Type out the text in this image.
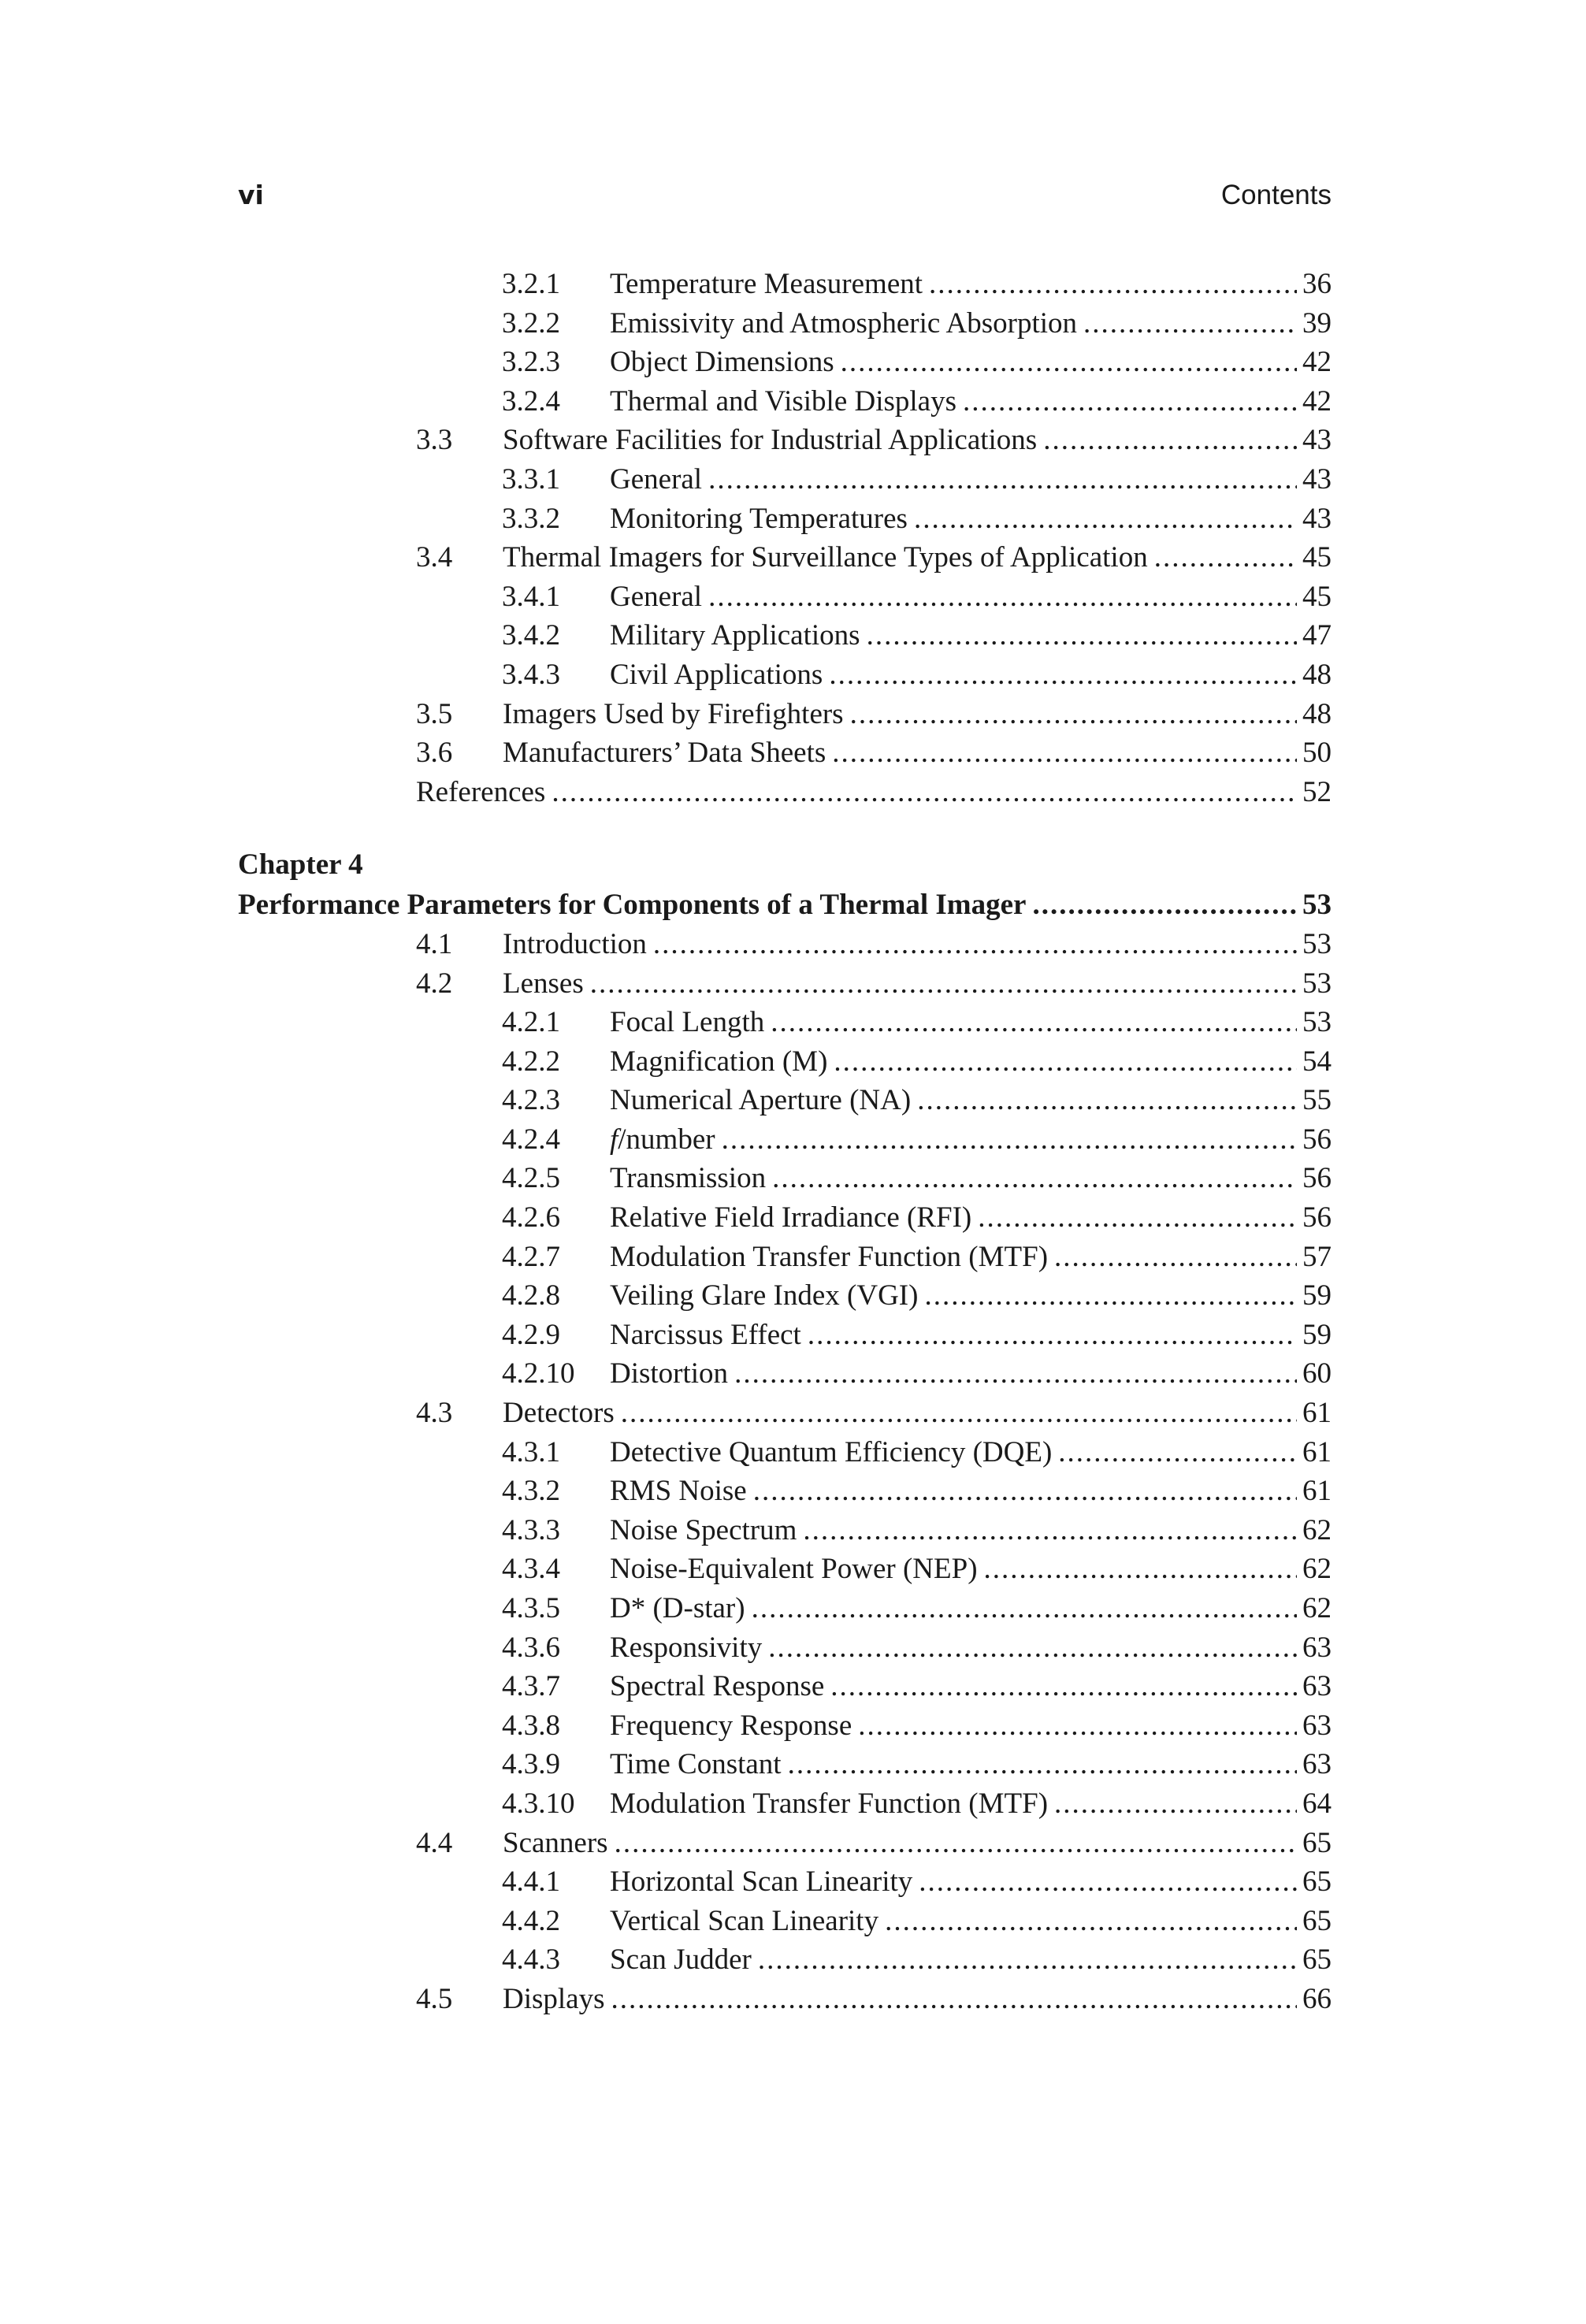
vi	Contents
3.2.1 Temperature Measurement .....	36
3.2.2 Emissivity and Atmospheric Absorption .....	39
3.2.3 Object Dimensions .....	42
3.2.4 Thermal and Visible Displays .....	42
3.3 Software Facilities for Industrial Applications .....	43
3.3.1 General .....	43
3.3.2 Monitoring Temperatures .....	43
3.4 Thermal Imagers for Surveillance Types of Application .....	45
3.4.1 General .....	45
3.4.2 Military Applications .....	47
3.4.3 Civil Applications .....	48
3.5 Imagers Used by Firefighters .....	48
3.6 Manufacturers’ Data Sheets .....	50
References .....	52
Chapter 4
Performance Parameters for Components of a Thermal Imager .....	53
4.1 Introduction .....	53
4.2 Lenses .....	53
4.2.1 Focal Length .....	53
4.2.2 Magnification (M) .....	54
4.2.3 Numerical Aperture (NA) .....	55
4.2.4 f/number .....	56
4.2.5 Transmission .....	56
4.2.6 Relative Field Irradiance (RFI) .....	56
4.2.7 Modulation Transfer Function (MTF) .....	57
4.2.8 Veiling Glare Index (VGI) .....	59
4.2.9 Narcissus Effect .....	59
4.2.10 Distortion .....	60
4.3 Detectors .....	61
4.3.1 Detective Quantum Efficiency (DQE) .....	61
4.3.2 RMS Noise .....	61
4.3.3 Noise Spectrum .....	62
4.3.4 Noise-Equivalent Power (NEP) .....	62
4.3.5 D* (D-star) .....	62
4.3.6 Responsivity .....	63
4.3.7 Spectral Response .....	63
4.3.8 Frequency Response .....	63
4.3.9 Time Constant .....	63
4.3.10 Modulation Transfer Function (MTF) .....	64
4.4 Scanners .....	65
4.4.1 Horizontal Scan Linearity .....	65
4.4.2 Vertical Scan Linearity .....	65
4.4.3 Scan Judder .....	65
4.5 Displays .....	66
